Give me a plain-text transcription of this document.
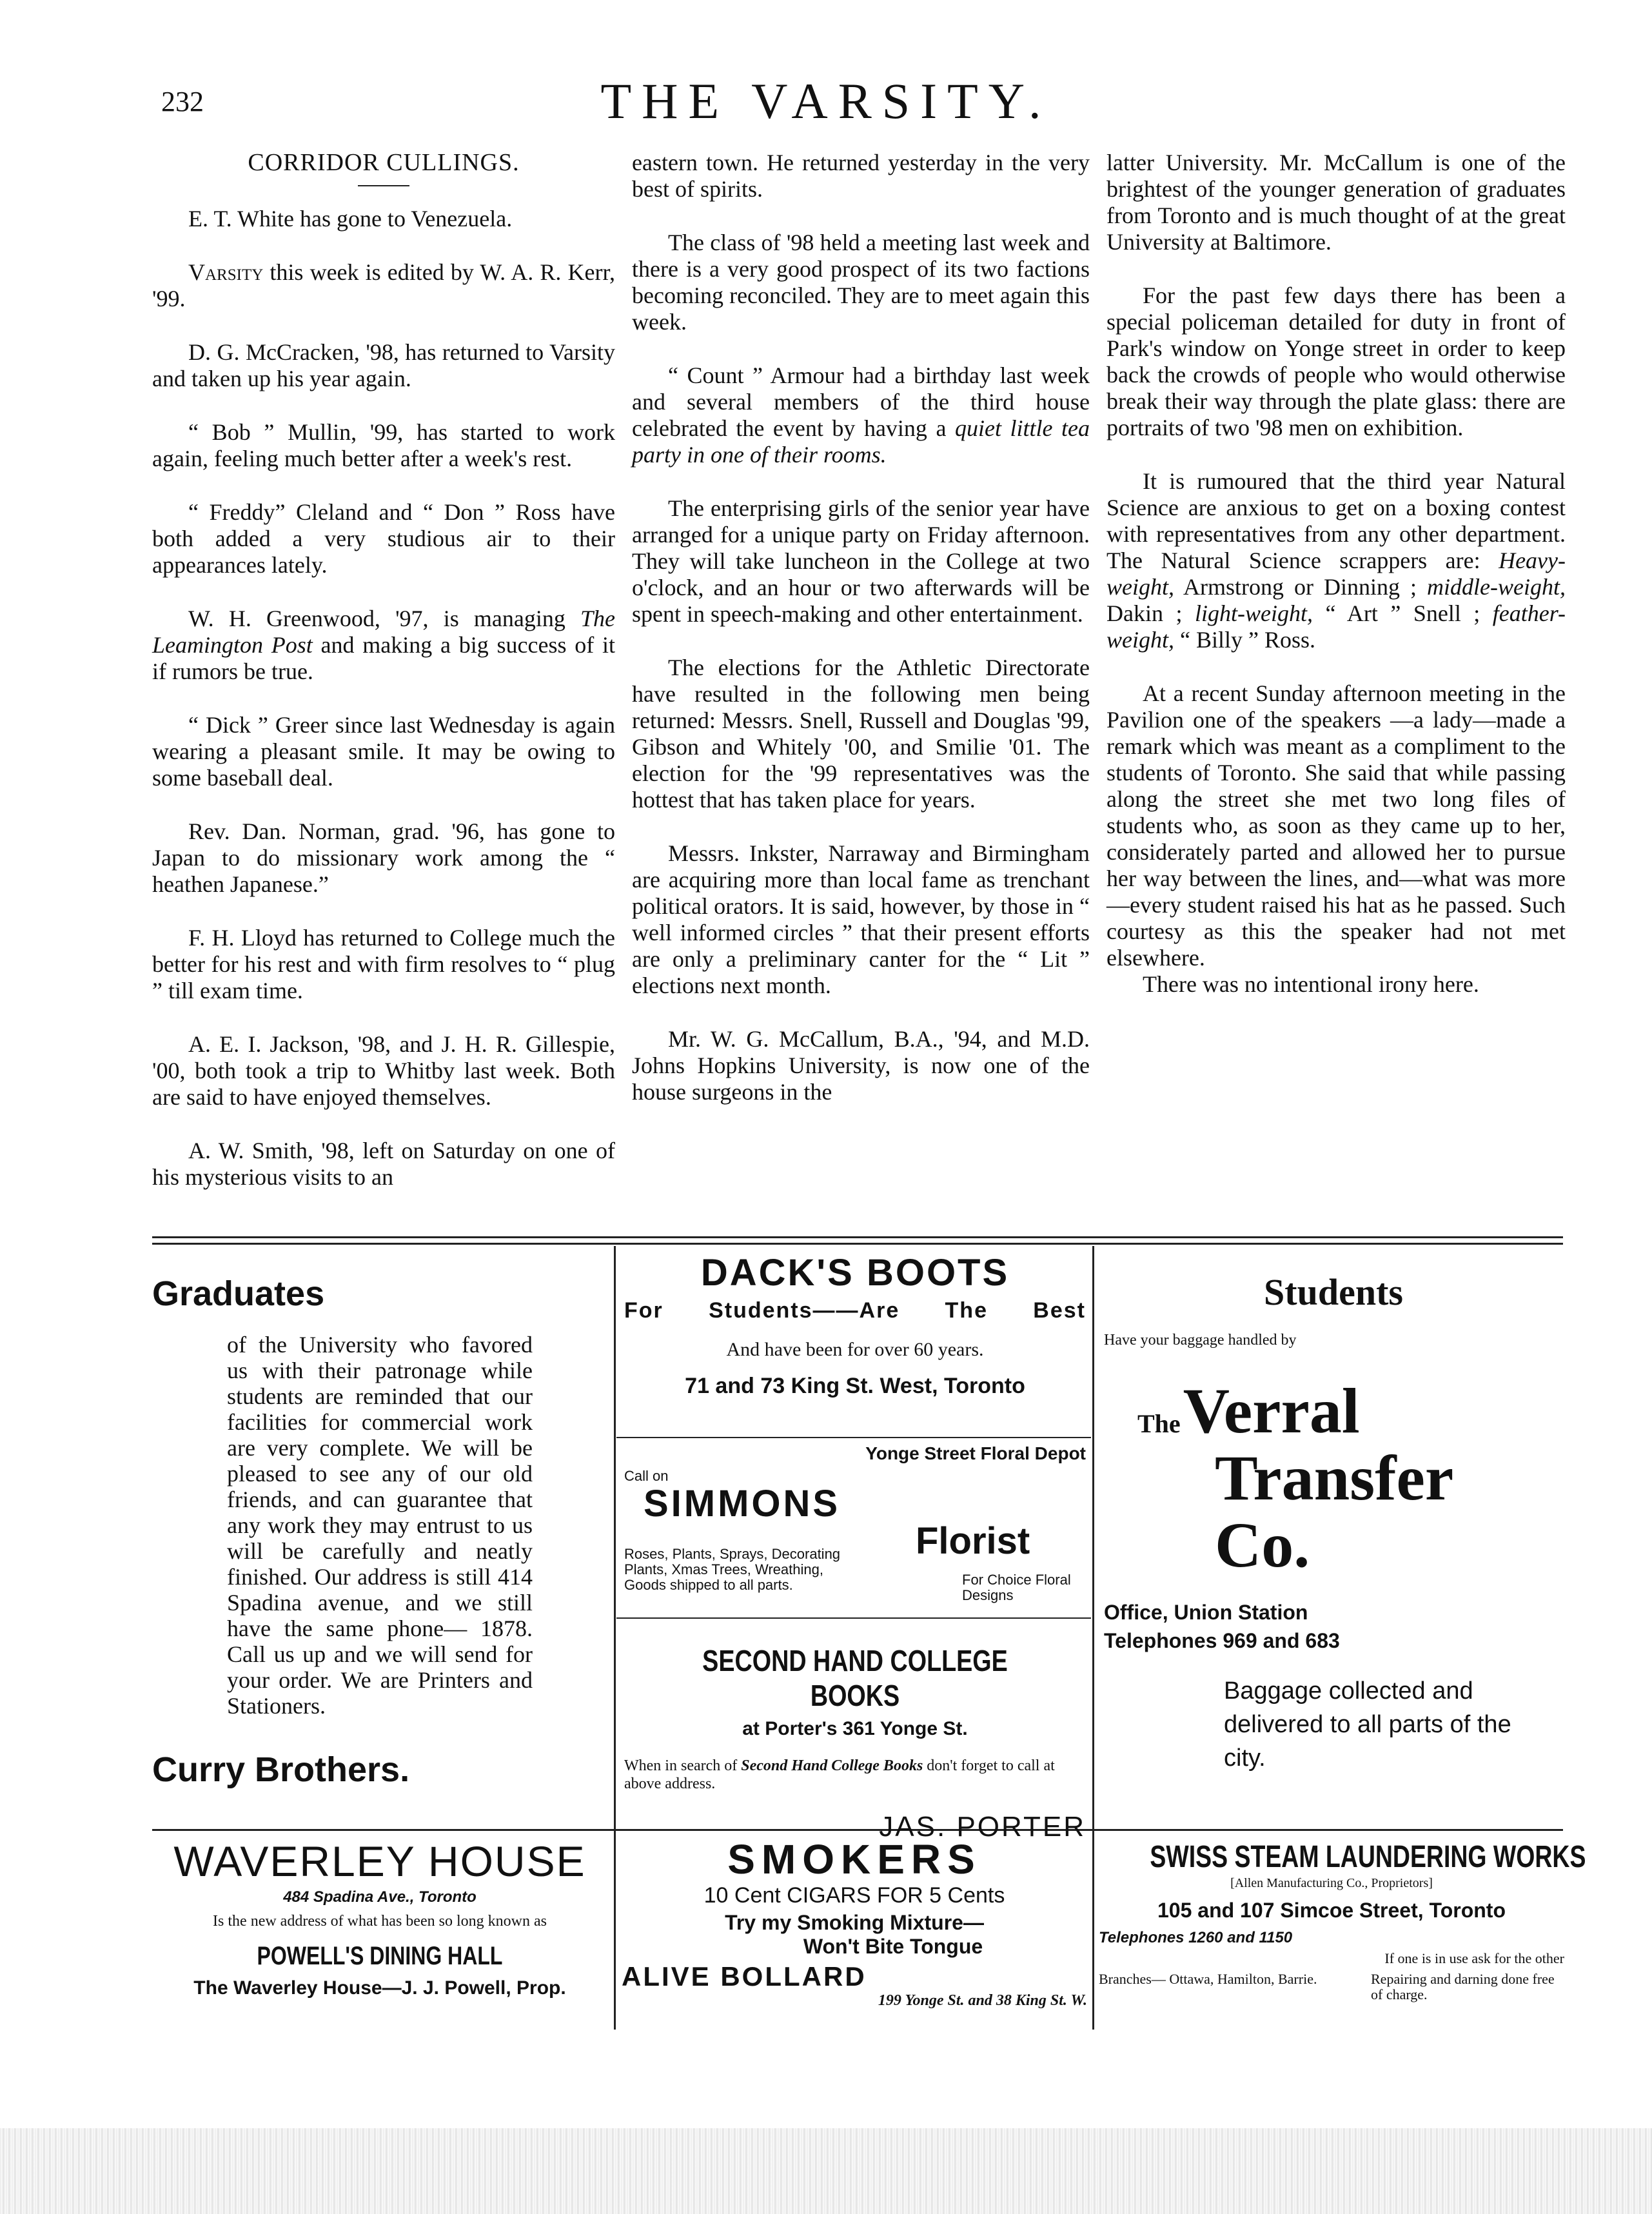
232	THE VARSITY.
CORRIDOR CULLINGS.

E. T. White has gone to Venezuela.

Varsity this week is edited by W. A. R. Kerr, '99.

D. G. McCracken, '98, has returned to Varsity and taken up his year again.

“ Bob ” Mullin, '99, has started to work again, feeling much better after a week's rest.

“ Freddy” Cleland and “ Don ” Ross have both added a very studious air to their appearances lately.

W. H. Greenwood, '97, is managing The Leamington Post and making a big success of it if rumors be true.

“ Dick ” Greer since last Wednesday is again wearing a pleasant smile. It may be owing to some baseball deal.

Rev. Dan. Norman, grad. '96, has gone to Japan to do missionary work among the “ heathen Japanese.”

F. H. Lloyd has returned to College much the better for his rest and with firm resolves to “ plug ” till exam time.

A. E. I. Jackson, '98, and J. H. R. Gillespie, '00, both took a trip to Whitby last week. Both are said to have enjoyed themselves.

A. W. Smith, '98, left on Saturday on one of his mysterious visits to an

eastern town. He returned yesterday in the very best of spirits.

The class of '98 held a meeting last week and there is a very good prospect of its two factions becoming reconciled. They are to meet again this week.

“ Count ” Armour had a birthday last week and several members of the third house celebrated the event by having a quiet little tea party in one of their rooms.

The enterprising girls of the senior year have arranged for a unique party on Friday afternoon. They will take luncheon in the College at two o'clock, and an hour or two afterwards will be spent in speech-making and other entertainment.

The elections for the Athletic Directorate have resulted in the following men being returned: Messrs. Snell, Russell and Douglas '99, Gibson and Whitely '00, and Smilie '01. The election for the '99 representatives was the hottest that has taken place for years.

Messrs. Inkster, Narraway and Birmingham are acquiring more than local fame as trenchant political orators. It is said, however, by those in “ well informed circles ” that their present efforts are only a preliminary canter for the “ Lit ” elections next month.

Mr. W. G. McCallum, B.A., '94, and M.D. Johns Hopkins University, is now one of the house surgeons in the

latter University. Mr. McCallum is one of the brightest of the younger generation of graduates from Toronto and is much thought of at the great University at Baltimore.

For the past few days there has been a special policeman detailed for duty in front of Park's window on Yonge street in order to keep back the crowds of people who would otherwise break their way through the plate glass: there are portraits of two '98 men on exhibition.

It is rumoured that the third year Natural Science are anxious to get on a boxing contest with representatives from any other department. The Natural Science scrappers are: Heavy-weight, Armstrong or Dinning ; middle-weight, Dakin ; light-weight, “ Art ” Snell ; feather-weight, “ Billy ” Ross.

At a recent Sunday afternoon meeting in the Pavilion one of the speakers —a lady—made a remark which was meant as a compliment to the students of Toronto. She said that while passing along the street she met two long files of students who, as soon as they came up to her, considerately parted and allowed her to pursue her way between the lines, and—what was more—every student raised his hat as he passed. Such courtesy as this the speaker had not met elsewhere.

There was no intentional irony here.

Graduates
of the University who favored us with their patronage while students are reminded that our facilities for commercial work are very complete. We will be pleased to see any of our old friends, and can guarantee that any work they may entrust to us will be carefully and neatly finished. Our address is still 414 Spadina avenue, and we still have the same phone— 1878. Call us up and we will send for your order. We are Printers and Stationers.
Curry Brothers.
DACK'S BOOTS
For Students——Are The Best
And have been for over 60 years.
71 and 73 King St. West, Toronto
Yonge Street Floral Depot
Call on
SIMMONS
Roses, Plants, Sprays, Decorating Plants, Xmas Trees, Wreathing, Goods shipped to all parts.
Florist
For Choice Floral Designs
SECOND HAND COLLEGE BOOKS
at Porter's 361 Yonge St.
When in search of Second Hand College Books don't forget to call at above address.
JAS. PORTER
Students
Have your baggage handled by
The Verral
Transfer
Co.
Office, Union Station
Telephones 969 and 683
Baggage collected and delivered to all parts of the city.
WAVERLEY HOUSE
484 Spadina Ave., Toronto
Is the new address of what has been so long known as
POWELL'S DINING HALL
The Waverley House—J. J. Powell, Prop.
SMOKERS
10 Cent CIGARS FOR 5 Cents
Try my Smoking Mixture—
Won't Bite Tongue
ALIVE BOLLARD
199 Yonge St. and 38 King St. W.
SWISS STEAM LAUNDERING WORKS
[Allen Manufacturing Co., Proprietors]
105 and 107 Simcoe Street, Toronto
Telephones 1260 and 1150
If one is in use ask for the other
Branches— Ottawa, Hamilton, Barrie.	Repairing and darning done free of charge.
